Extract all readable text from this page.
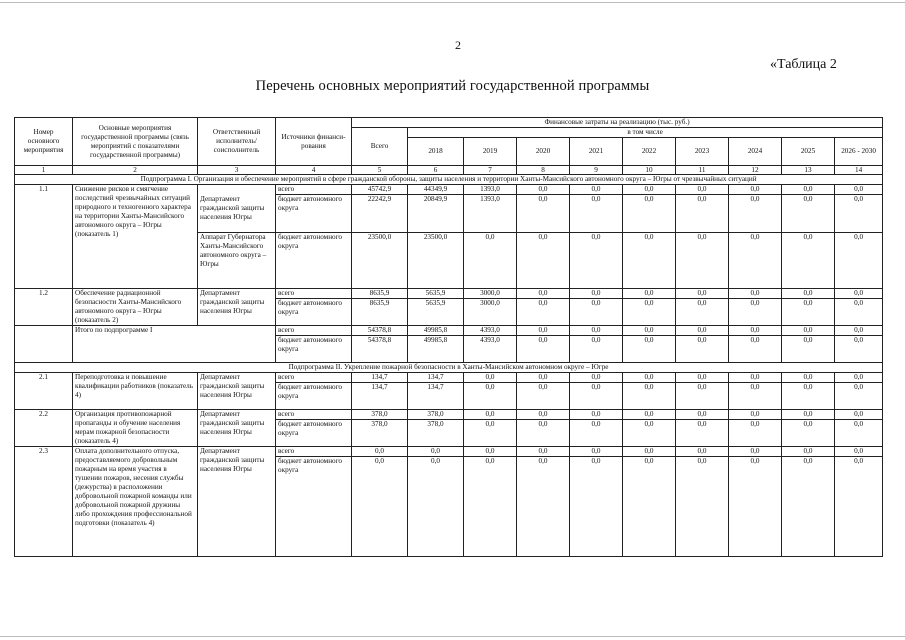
2
«Таблица 2
Перечень основных мероприятий государственной программы
Номер основного мероприятия	Основные мероприятия государственной программы (связь мероприятий с показателями государственной программы)	Ответственный исполнитель/ соисполнитель	Источники финанси-рования	Финансовые затраты на реализацию (тыс. руб.)									
				Всего	в том числе								
					2018	2019	2020	2021	2022	2023	2024	2025	2026 - 2030
1	2	3	4	5	6	7	8	9	10	11	12	13	14
Подпрограмма I. Организация и обеспечение мероприятий в сфере гражданской обороны, защиты населения и территории Ханты-Мансийского автономного округа – Югры от чрезвычайных ситуаций													
1.1	Снижение рисков и смягчение последствий чрезвычайных ситуаций природного и техногенного характера на территории Ханты-Мансийского автономного округа – Югры (показатель 1)		всего	45742,9	44349,9	1393,0	0,0	0,0	0,0	0,0	0,0	0,0	0,0
		Департамент гражданской защиты населения Югры	бюджет автономного округа	22242,9	20849,9	1393,0	0,0	0,0	0,0	0,0	0,0	0,0	0,0
		Аппарат Губернатора Ханты-Мансийского автономного округа – Югры	бюджет автономного округа	23500,0	23500,0	0,0	0,0	0,0	0,0	0,0	0,0	0,0	0,0
1.2	Обеспечение радиационной безопасности Ханты-Мансийского автономного округа – Югры (показатель 2)	Департамент гражданской защиты населения Югры	всего	8635,9	5635,9	3000,0	0,0	0,0	0,0	0,0	0,0	0,0	0,0
			бюджет автономного округа	8635,9	5635,9	3000,0	0,0	0,0	0,0	0,0	0,0	0,0	0,0
	Итого по подпрограмме I		всего	54378,8	49985,8	4393,0	0,0	0,0	0,0	0,0	0,0	0,0	0,0
			бюджет автономного округа	54378,8	49985,8	4393,0	0,0	0,0	0,0	0,0	0,0	0,0	0,0
Подпрограмма II. Укрепление пожарной безопасности в Ханты-Мансийском автономном округе – Югре													
2.1	Переподготовка и повышение квалификации работников (показатель 4)	Департамент гражданской защиты населения Югры	всего	134,7	134,7	0,0	0,0	0,0	0,0	0,0	0,0	0,0	0,0
			бюджет автономного округа	134,7	134,7	0,0	0,0	0,0	0,0	0,0	0,0	0,0	0,0
2.2	Организация противопожарной пропаганды и обучение населения мерам пожарной безопасности (показатель 4)	Департамент гражданской защиты населения Югры	всего	378,0	378,0	0,0	0,0	0,0	0,0	0,0	0,0	0,0	0,0
			бюджет автономного округа	378,0	378,0	0,0	0,0	0,0	0,0	0,0	0,0	0,0	0,0
2.3	Оплата дополнительного отпуска, предоставляемого добровольным пожарным на время участия в тушении пожаров, несения службы (дежурства) в расположении добровольной пожарной команды или добровольной пожарной дружины либо прохождения профессиональной подготовки (показатель 4)	Департамент гражданской защиты населения Югры	всего	0,0	0,0	0,0	0,0	0,0	0,0	0,0	0,0	0,0	0,0
			бюджет автономного округа	0,0	0,0	0,0	0,0	0,0	0,0	0,0	0,0	0,0	0,0
